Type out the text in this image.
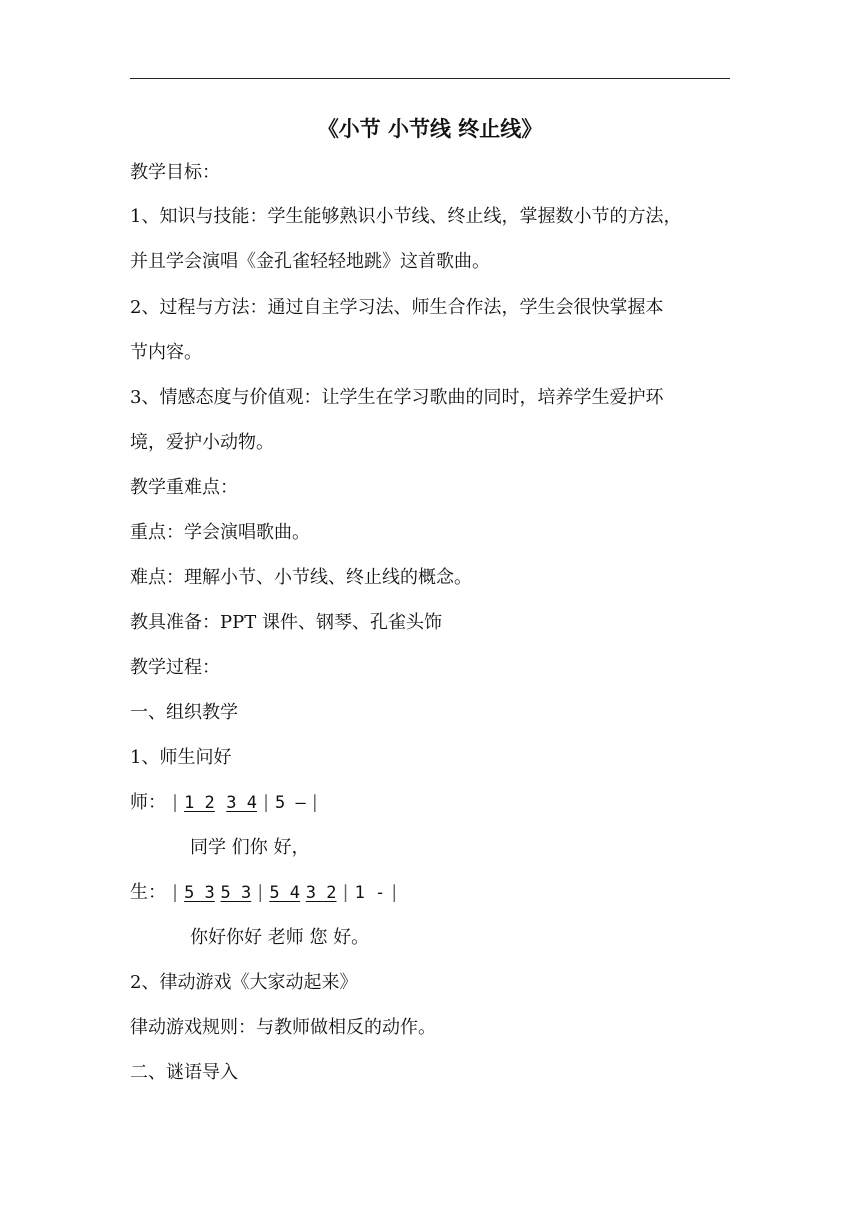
《小节 小节线 终止线》
教学目标：
1、知识与技能：学生能够熟识小节线、终止线，掌握数小节的方法，
并且学会演唱《金孔雀轻轻地跳》这首歌曲。
2、过程与方法：通过自主学习法、师生合作法，学生会很快掌握本
节内容。
3、情感态度与价值观：让学生在学习歌曲的同时，培养学生爱护环
境，爱护小动物。
教学重难点：
重点：学会演唱歌曲。
难点：理解小节、小节线、终止线的概念。
教具准备：PPT 课件、钢琴、孔雀头饰
教学过程：
一、组织教学
1、师生问好
师： | 1 2 3 4 | 5 — |
同学 们你 好，
生： | 5 3 5 3 | 5 4 3 2 | 1 - |
你好你好 老师 您 好。
2、律动游戏《大家动起来》
律动游戏规则：与教师做相反的动作。
二、谜语导入
